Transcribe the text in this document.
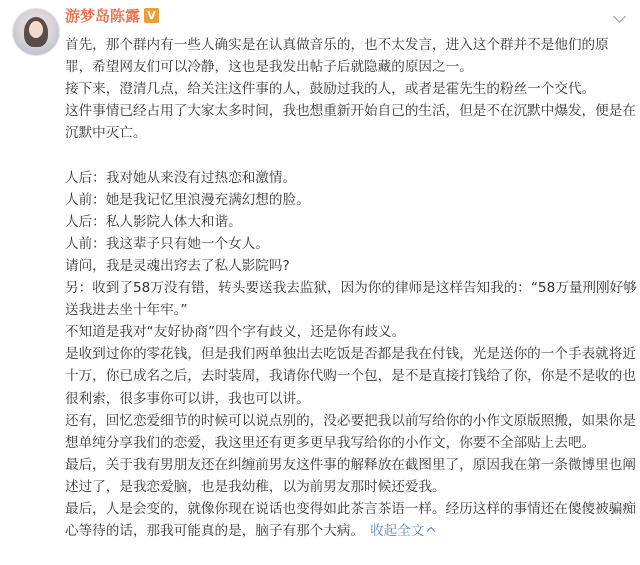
游梦岛陈露 V
首先，那个群内有一些人确实是在认真做音乐的，也不太发言，进入这个群并不是他们的原
罪，希望网友们可以冷静，这也是我发出帖子后就隐藏的原因之一。
接下来，澄清几点，给关注这件事的人，鼓励过我的人，或者是霍先生的粉丝一个交代。
这件事情已经占用了大家太多时间，我也想重新开始自己的生活，但是不在沉默中爆发，便是在
沉默中灭亡。
人后：我对她从来没有过热恋和激情。
人前：她是我记忆里浪漫充满幻想的脸。
人后：私人影院人体大和谐。
人前：我这辈子只有她一个女人。
请问，我是灵魂出窍去了私人影院吗?
另：收到了58万没有错，转头要送我去监狱，因为你的律师是这样告知我的：“58万量刑刚好够
送我进去坐十年牢。”
不知道是我对“友好协商”四个字有歧义，还是你有歧义。
是收到过你的零花钱，但是我们两单独出去吃饭是否都是我在付钱，光是送你的一个手表就将近
十万，你已成名之后，去时装周，我请你代购一个包，是不是直接打钱给了你，你是不是收的也
很利索，很多事你可以讲，我也可以讲。
还有，回忆恋爱细节的时候可以说点别的，没必要把我以前写给你的小作文原版照搬，如果你是
想单纯分享我们的恋爱，我这里还有更多更早我写给你的小作文，你要不全部贴上去吧。
最后，关于我有男朋友还在纠缠前男友这件事的解释放在截图里了，原因我在第一条微博里也阐
述过了，是我恋爱脑，也是我幼稚，以为前男友那时候还爱我。
最后，人是会变的，就像你现在说话也变得如此茶言茶语一样。经历这样的事情还在傻傻被骗痴
心等待的话，那我可能真的是，脑子有那个大病。 收起全文
